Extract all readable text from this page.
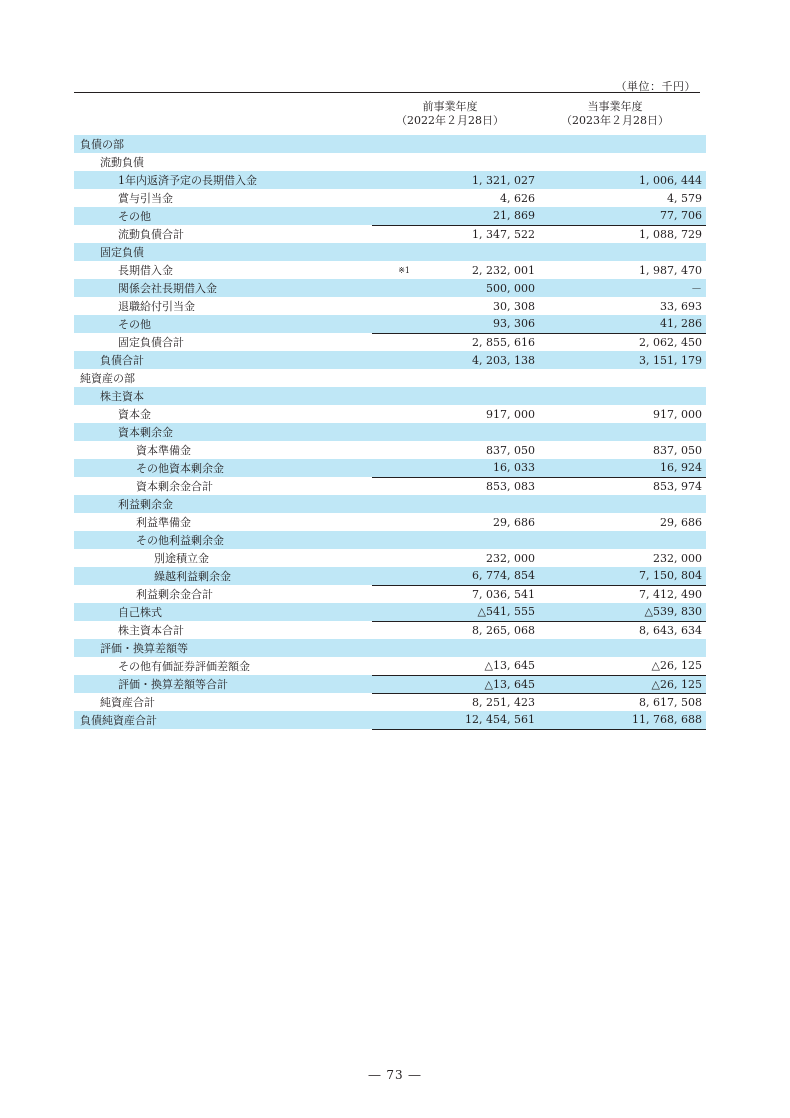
（単位：千円）
前事業年度
（2022年２月28日）
当事業年度
（2023年２月28日）
負債の部		
流動負債		
1年内返済予定の長期借入金	1, 321, 027	1, 006, 444
賞与引当金	4, 626	4, 579
その他	21, 869	77, 706
流動負債合計	1, 347, 522	1, 088, 729
固定負債		
長期借入金	※1 2, 232, 001	1, 987, 470
関係会社長期借入金	500, 000	－
退職給付引当金	30, 308	33, 693
その他	93, 306	41, 286
固定負債合計	2, 855, 616	2, 062, 450
負債合計	4, 203, 138	3, 151, 179
純資産の部		
株主資本		
資本金	917, 000	917, 000
資本剰余金		
資本準備金	837, 050	837, 050
その他資本剰余金	16, 033	16, 924
資本剰余金合計	853, 083	853, 974
利益剰余金		
利益準備金	29, 686	29, 686
その他利益剰余金		
別途積立金	232, 000	232, 000
繰越利益剰余金	6, 774, 854	7, 150, 804
利益剰余金合計	7, 036, 541	7, 412, 490
自己株式	△541, 555	△539, 830
株主資本合計	8, 265, 068	8, 643, 634
評価・換算差額等		
その他有価証券評価差額金	△13, 645	△26, 125
評価・換算差額等合計	△13, 645	△26, 125
純資産合計	8, 251, 423	8, 617, 508
負債純資産合計	12, 454, 561	11, 768, 688
― 73 ―
